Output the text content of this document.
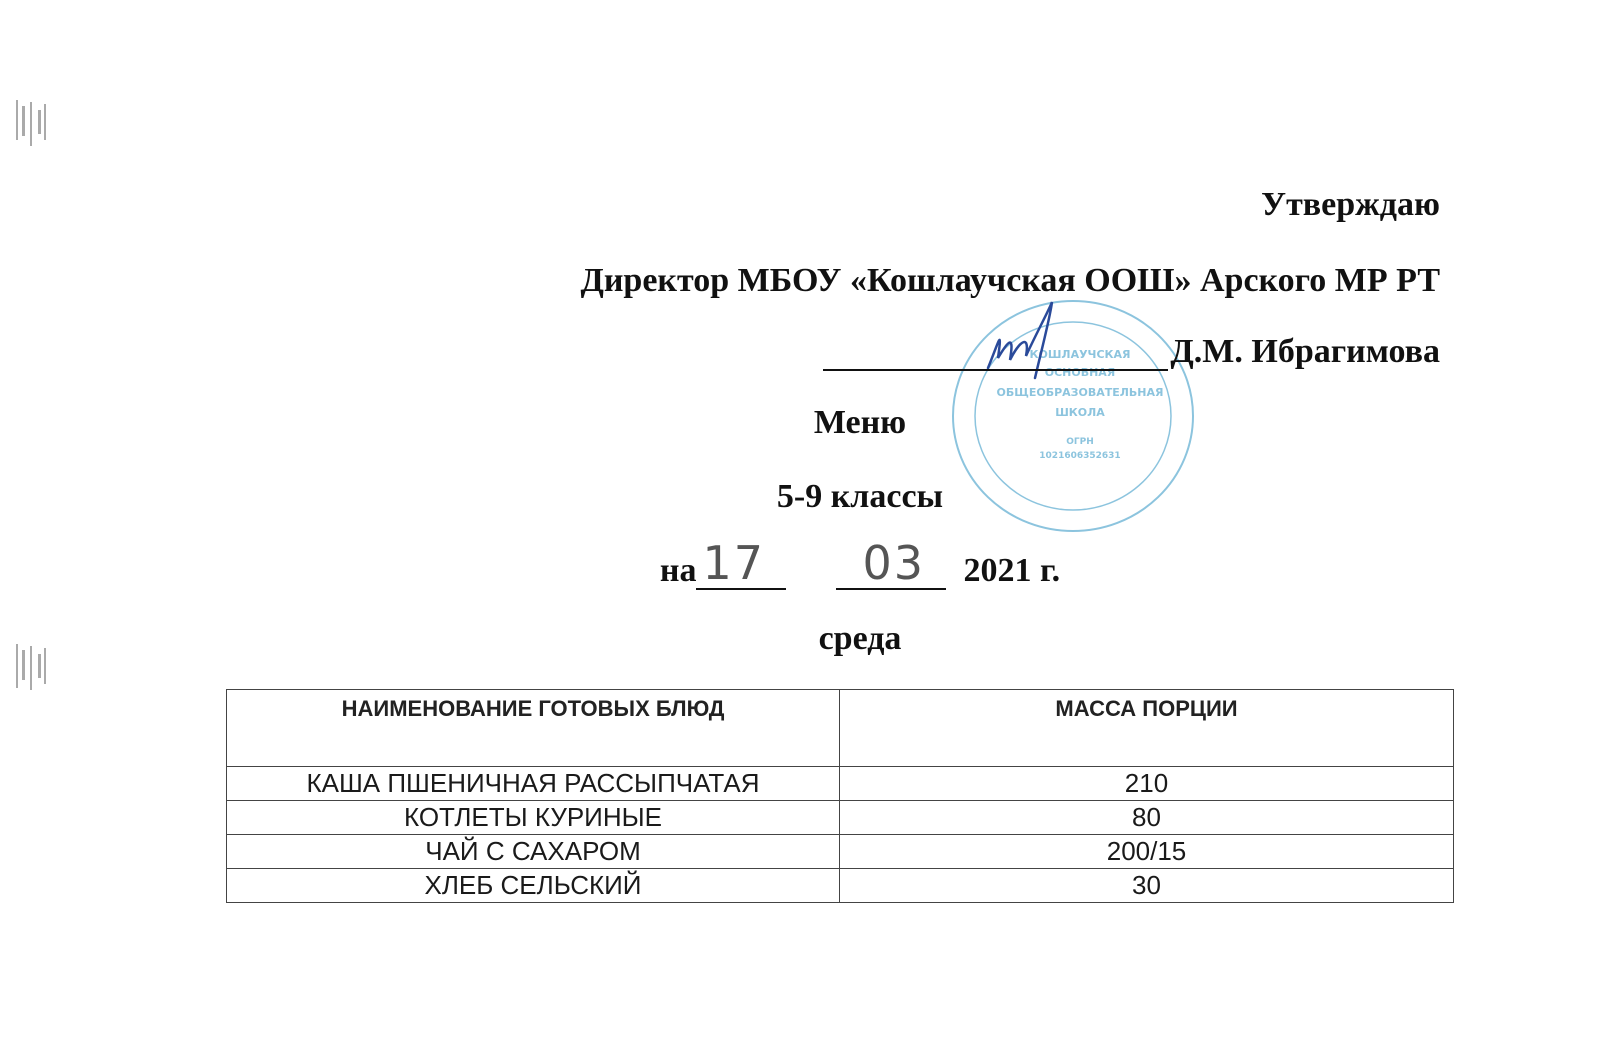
КОШЛАУЧСКАЯ
ОСНОВНАЯ
ОБЩЕОБРАЗОВАТЕЛЬНАЯ
ШКОЛА
ОГРН
1021606352631
Утверждаю
Директор МБОУ «Кошлаучская ООШ» Арского МР РТ
Д.М. Ибрагимова
Меню
5-9 классы
на 17 03 2021 г.
среда
НАИМЕНОВАНИЕ ГОТОВЫХ БЛЮД	МАССА ПОРЦИИ
КАША ПШЕНИЧНАЯ РАССЫПЧАТАЯ	210
КОТЛЕТЫ КУРИНЫЕ	80
ЧАЙ С САХАРОМ	200/15
ХЛЕБ СЕЛЬСКИЙ	30
